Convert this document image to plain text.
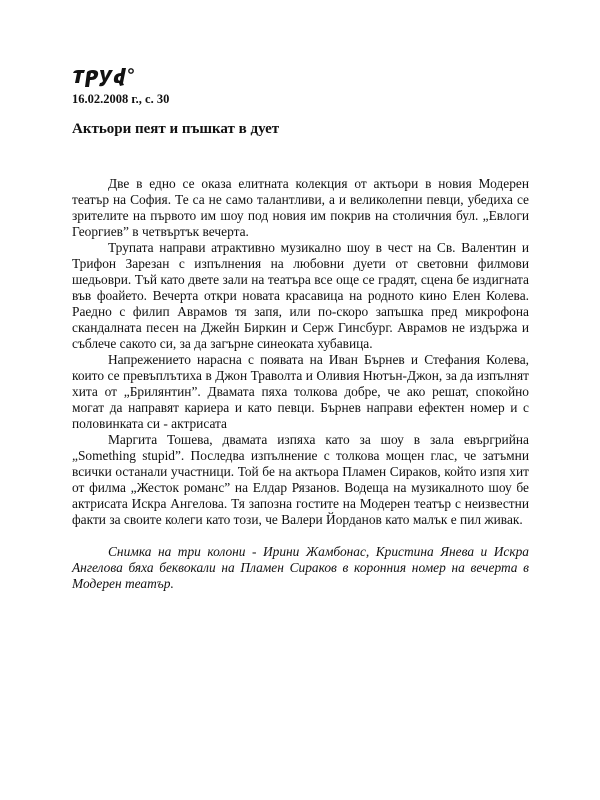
16.02.2008 г., с. 30
Актьори пеят и пъшкат в дует

Две в едно се оказа елитната колекция от актьори в новия Модерен театър на София. Те са не само талантливи, а и великолепни певци, убедиха се зрителите на първото им шоу под новия им покрив на столичния бул. „Евлоги Георгиев” в четвъртък вечерта.

Трупата направи атрактивно музикално шоу в чест на Св. Валентин и Трифон Зарезан с изпълнения на любовни дуети от световни филмови шедьоври. Тъй като двете зали на театъра все още се градят, сцена бе издигната във фоайето. Вечерта откри новата красавица на родното кино Елен Колева. Раедно с филип Аврамов тя запя, или по-скоро запъшка пред микрофона скандалната песен на Джейн Биркин и Серж Гинсбург. Аврамов не издържа и съблече сакото си, за да загърне синеоката хубавица.

Напрежението нарасна с появата на Иван Бърнев и Стефания Колева, които се превъплътиха в Джон Траволта и Оливия Нютън-Джон, за да изпълнят хита от „Брилянтин”. Двамата пяха толкова добре, че ако решат, спокойно могат да направят кариера и като певци. Бърнев направи ефектен номер и с половинката си - актрисата

Маргита Тошева, двамата изпяха като за шоу в зала евъргрийна „Something stupid”. Последва изпълнение с толкова мощен глас, че затъмни всички останали участници. Той бе на актьора Пламен Сираков, който изпя хит от филма „Жесток романс” на Елдар Рязанов. Водеща на музикалното шоу бе актрисата Искра Ангелова. Тя запозна гостите на Модерен театър с неизвестни факти за своите колеги като този, че Валери Йорданов като малък е пил живак.

Снимка на три колони - Ирини Жамбонас, Кристина Янева и Искра Ангелова бяха беквокали на Пламен Сираков в коронния номер на вечерта в Модерен театър.
